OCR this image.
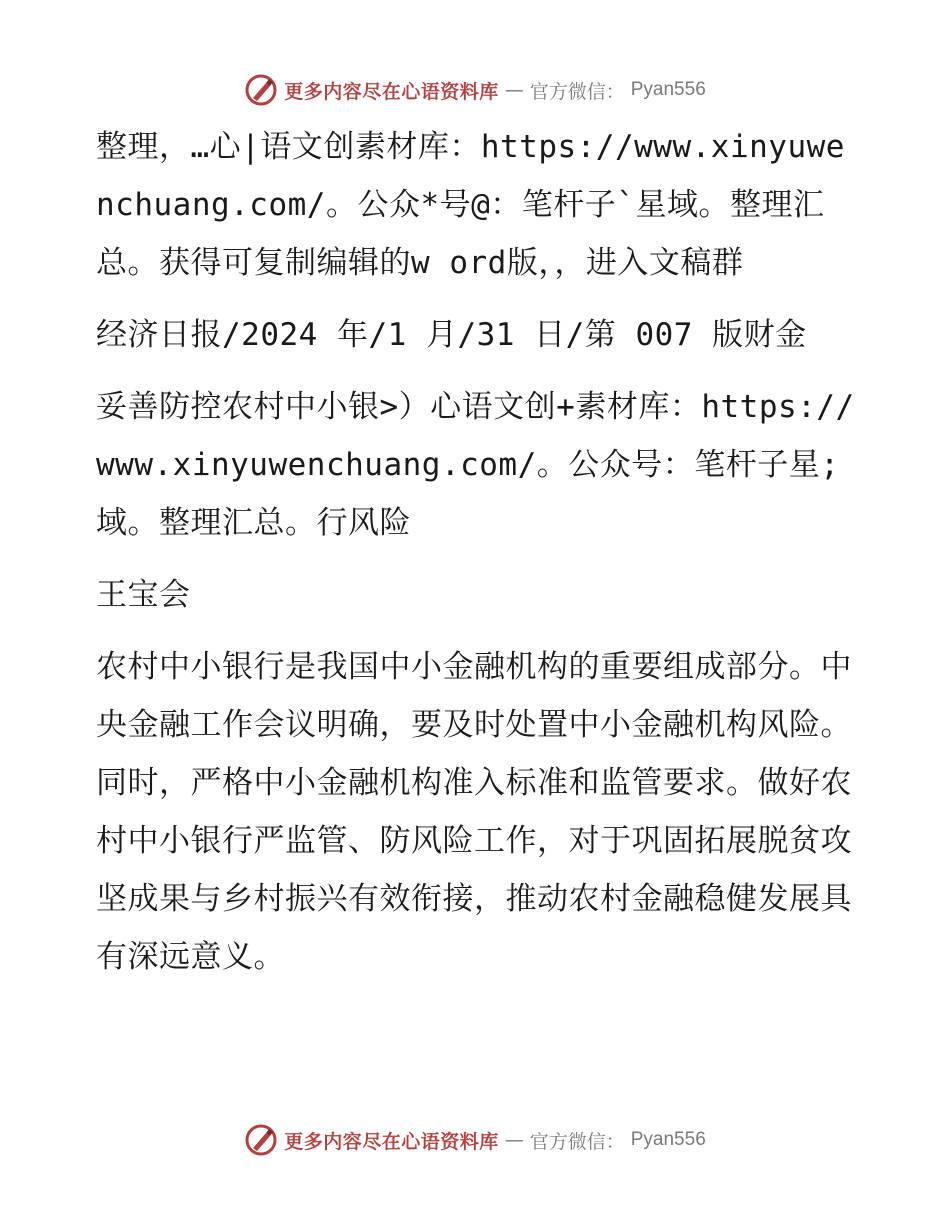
更多内容尽在心语资料库 — 官方微信： Pyan556

整理，…心|语文创素材库：https://www.xinyuwenchuang.com/。公众*号@：笔杆子`星域。整理汇总。获得可复制编辑的w ord版，，进入文稿群

经济日报/2024 年/1 月/31 日/第 007 版财金

妥善防控农村中小银>）心语文创+素材库：https://www.xinyuwenchuang.com/。公众号：笔杆子星;域。整理汇总。行风险

王宝会

农村中小银行是我国中小金融机构的重要组成部分。中央金融工作会议明确，要及时处置中小金融机构风险。同时，严格中小金融机构准入标准和监管要求。做好农村中小银行严监管、防风险工作，对于巩固拓展脱贫攻坚成果与乡村振兴有效衔接，推动农村金融稳健发展具有深远意义。

更多内容尽在心语资料库 — 官方微信： Pyan556
